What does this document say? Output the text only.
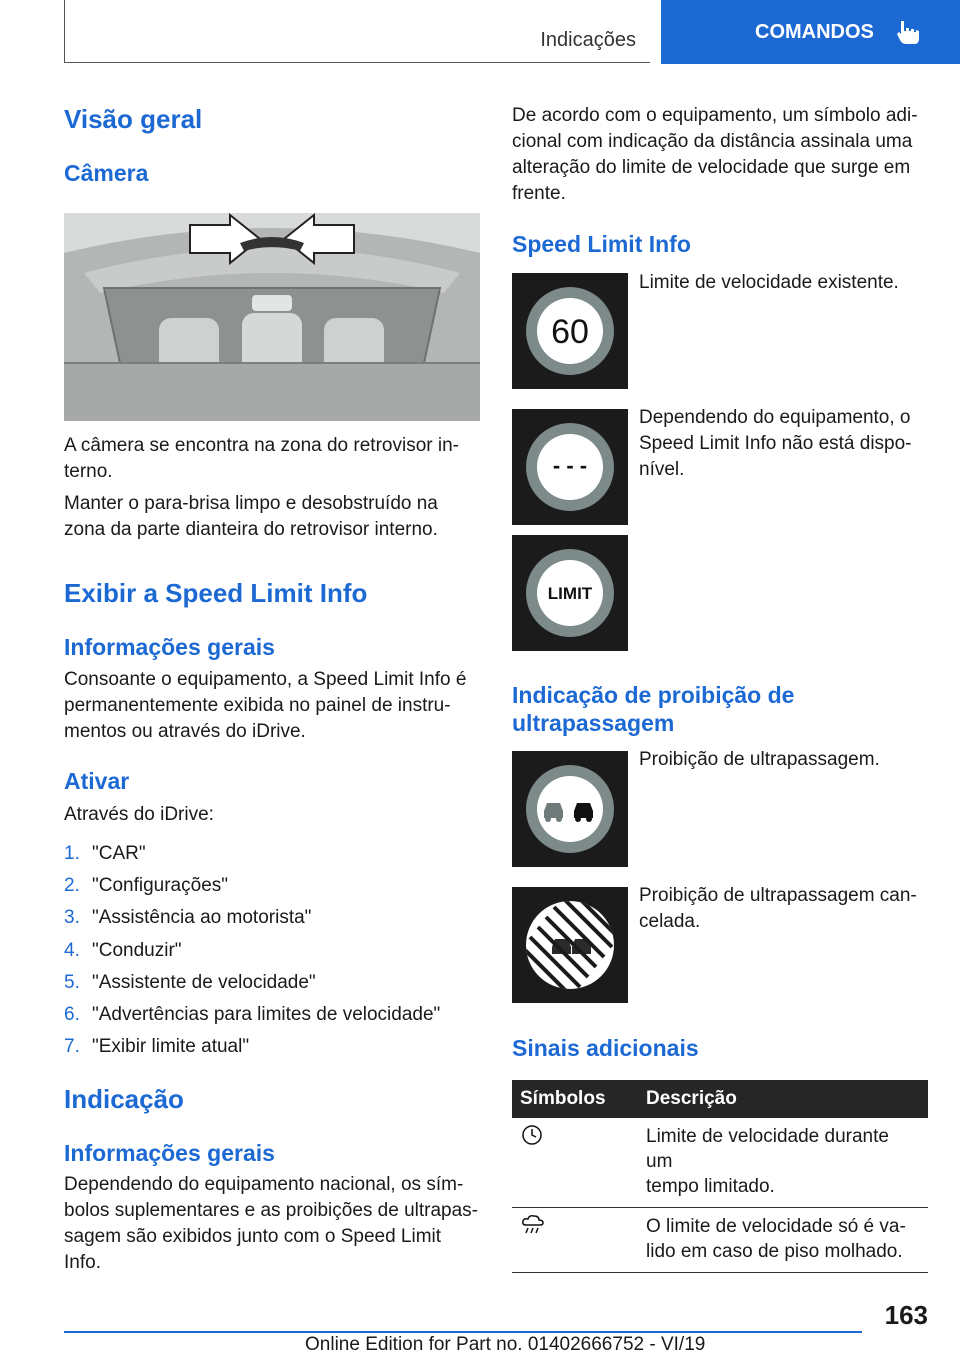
Indicações	COMANDOS
Visão geral
Câmera
A câmera se encontra na zona do retrovisor in-
terno.
Manter o para-brisa limpo e desobstruído na
zona da parte dianteira do retrovisor interno.
Exibir a Speed Limit Info
Informações gerais
Consoante o equipamento, a Speed Limit Info é
permanentemente exibida no painel de instru-
mentos ou através do iDrive.
Ativar
Através do iDrive:
1. "CAR"
2. "Configurações"
3. "Assistência ao motorista"
4. "Conduzir"
5. "Assistente de velocidade"
6. "Advertências para limites de velocidade"
7. "Exibir limite atual"
Indicação
Informações gerais
Dependendo do equipamento nacional, os sím-
bolos suplementares e as proibições de ultrapas-
sagem são exibidos junto com o Speed Limit
Info.
De acordo com o equipamento, um símbolo adi-
cional com indicação da distância assinala uma
alteração do limite de velocidade que surge em
frente.
Speed Limit Info
60
Limite de velocidade existente.
- - -
Dependendo do equipamento, o
Speed Limit Info não está dispo-
nível.
LIMIT
Indicação de proibição de
ultrapassagem
Proibição de ultrapassagem.
Proibição de ultrapassagem can-
celada.
Sinais adicionais
Símbolos	Descrição

Limite de velocidade durante um
tempo limitado.

O limite de velocidade só é va-
lido em caso de piso molhado.
163
Online Edition for Part no. 01402666752 - VI/19
